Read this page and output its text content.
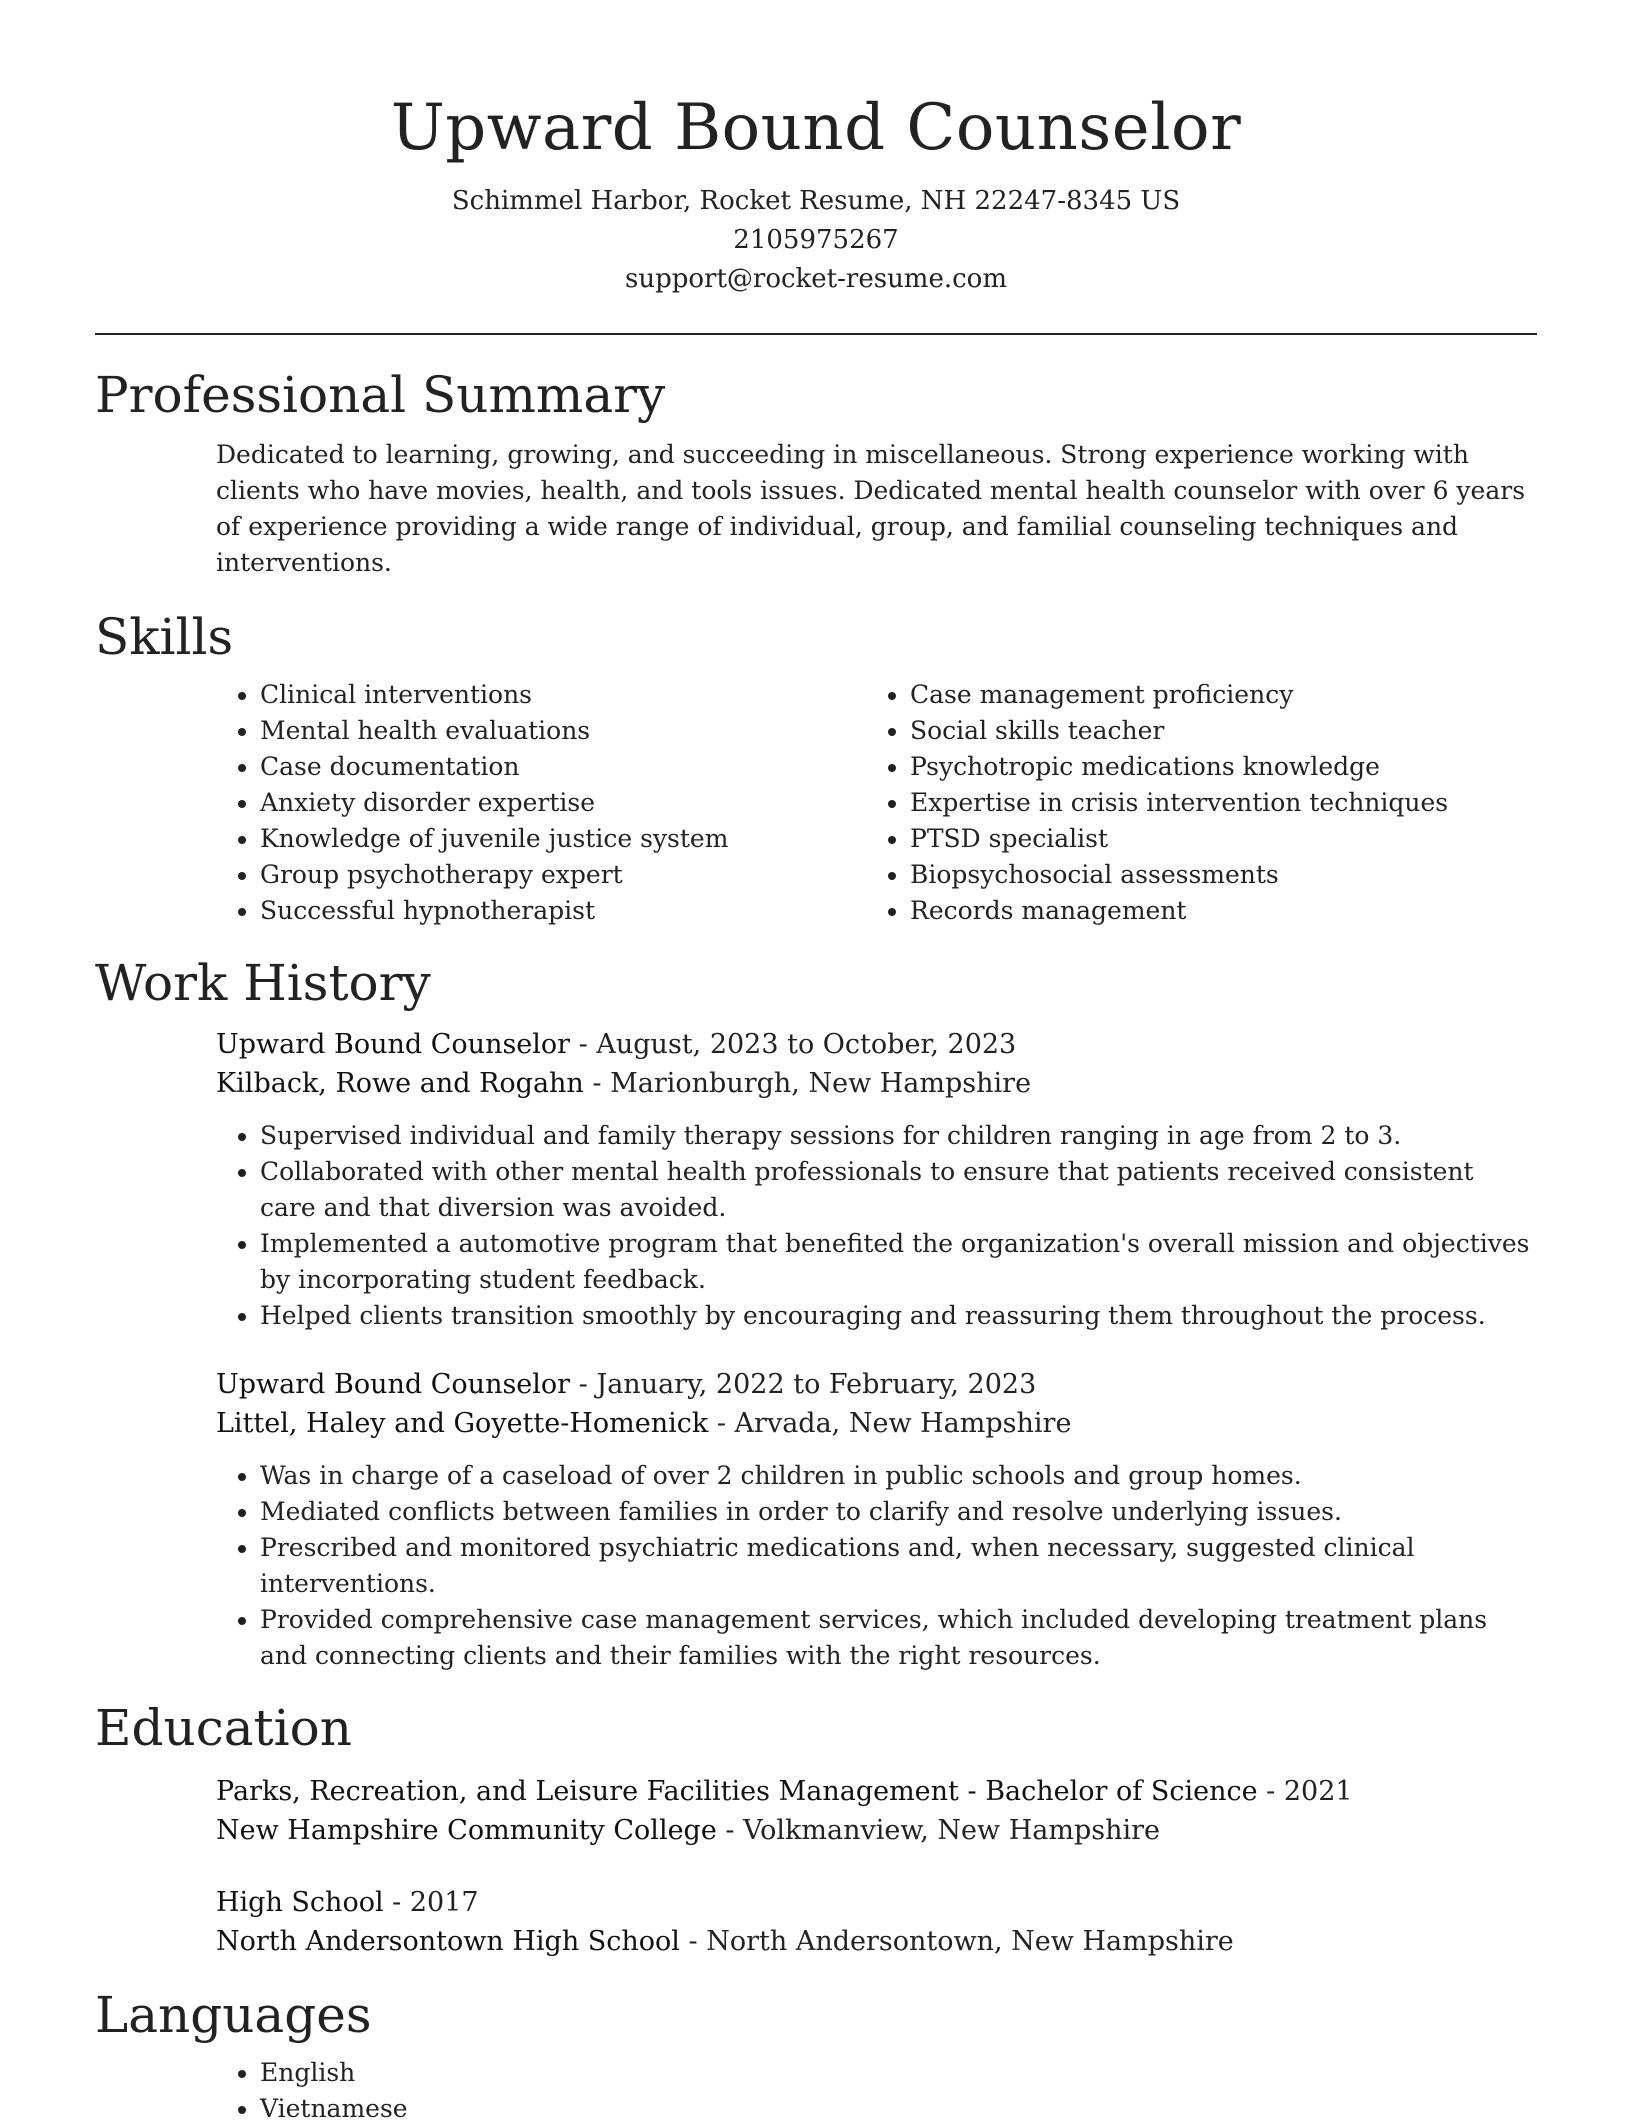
Upward Bound Counselor
Schimmel Harbor, Rocket Resume, NH 22247-8345 US
2105975267
support@rocket-resume.com
Professional Summary

Dedicated to learning, growing, and succeeding in miscellaneous. Strong experience working with clients who have movies, health, and tools issues. Dedicated mental health counselor with over 6 years of experience providing a wide range of individual, group, and familial counseling techniques and interventions.

Skills
• Clinical interventions
• Mental health evaluations
• Case documentation
• Anxiety disorder expertise
• Knowledge of juvenile justice system
• Group psychotherapy expert
• Successful hypnotherapist
• Case management proficiency
• Social skills teacher
• Psychotropic medications knowledge
• Expertise in crisis intervention techniques
• PTSD specialist
• Biopsychosocial assessments
• Records management
Work History
Upward Bound Counselor - August, 2023 to October, 2023
Kilback, Rowe and Rogahn - Marionburgh, New Hampshire
• Supervised individual and family therapy sessions for children ranging in age from 2 to 3.
• Collaborated with other mental health professionals to ensure that patients received consistent care and that diversion was avoided.
• Implemented a automotive program that benefited the organization's overall mission and objectives by incorporating student feedback.
• Helped clients transition smoothly by encouraging and reassuring them throughout the process.
Upward Bound Counselor - January, 2022 to February, 2023
Littel, Haley and Goyette-Homenick - Arvada, New Hampshire
• Was in charge of a caseload of over 2 children in public schools and group homes.
• Mediated conflicts between families in order to clarify and resolve underlying issues.
• Prescribed and monitored psychiatric medications and, when necessary, suggested clinical interventions.
• Provided comprehensive case management services, which included developing treatment plans and connecting clients and their families with the right resources.
Education
Parks, Recreation, and Leisure Facilities Management - Bachelor of Science - 2021
New Hampshire Community College - Volkmanview, New Hampshire
High School - 2017
North Andersontown High School - North Andersontown, New Hampshire
Languages
• English
• Vietnamese
